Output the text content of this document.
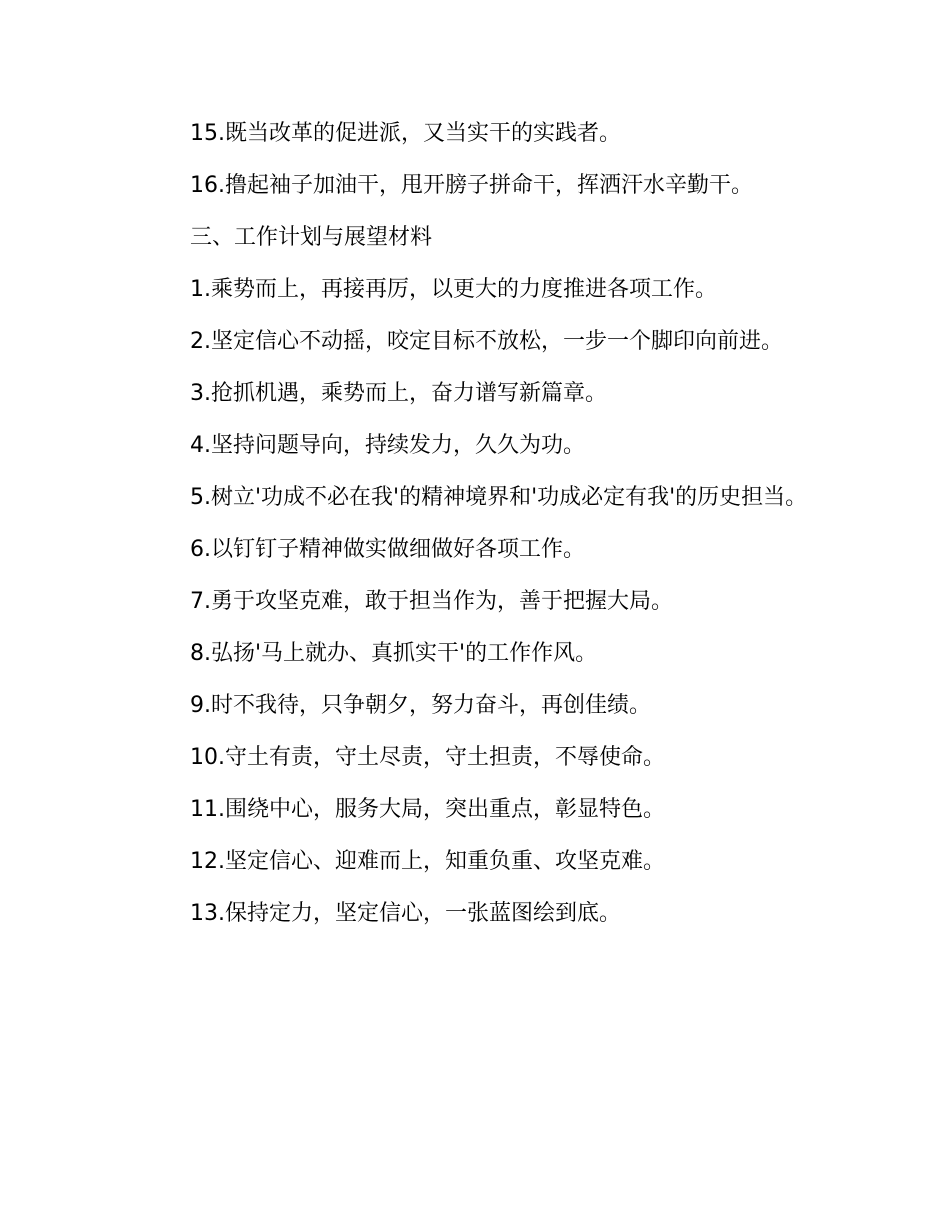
15.既当改革的促进派，又当实干的实践者。

16.撸起袖子加油干，甩开膀子拼命干，挥洒汗水辛勤干。

三、工作计划与展望材料

1.乘势而上，再接再厉，以更大的力度推进各项工作。

2.坚定信心不动摇，咬定目标不放松，一步一个脚印向前进。

3.抢抓机遇，乘势而上，奋力谱写新篇章。

4.坚持问题导向，持续发力，久久为功。

5.树立'功成不必在我'的精神境界和'功成必定有我'的历史担当。

6.以钉钉子精神做实做细做好各项工作。

7.勇于攻坚克难，敢于担当作为，善于把握大局。

8.弘扬'马上就办、真抓实干'的工作作风。

9.时不我待，只争朝夕，努力奋斗，再创佳绩。

10.守土有责，守土尽责，守土担责，不辱使命。

11.围绕中心，服务大局，突出重点，彰显特色。

12.坚定信心、迎难而上，知重负重、攻坚克难。

13.保持定力，坚定信心，一张蓝图绘到底。
